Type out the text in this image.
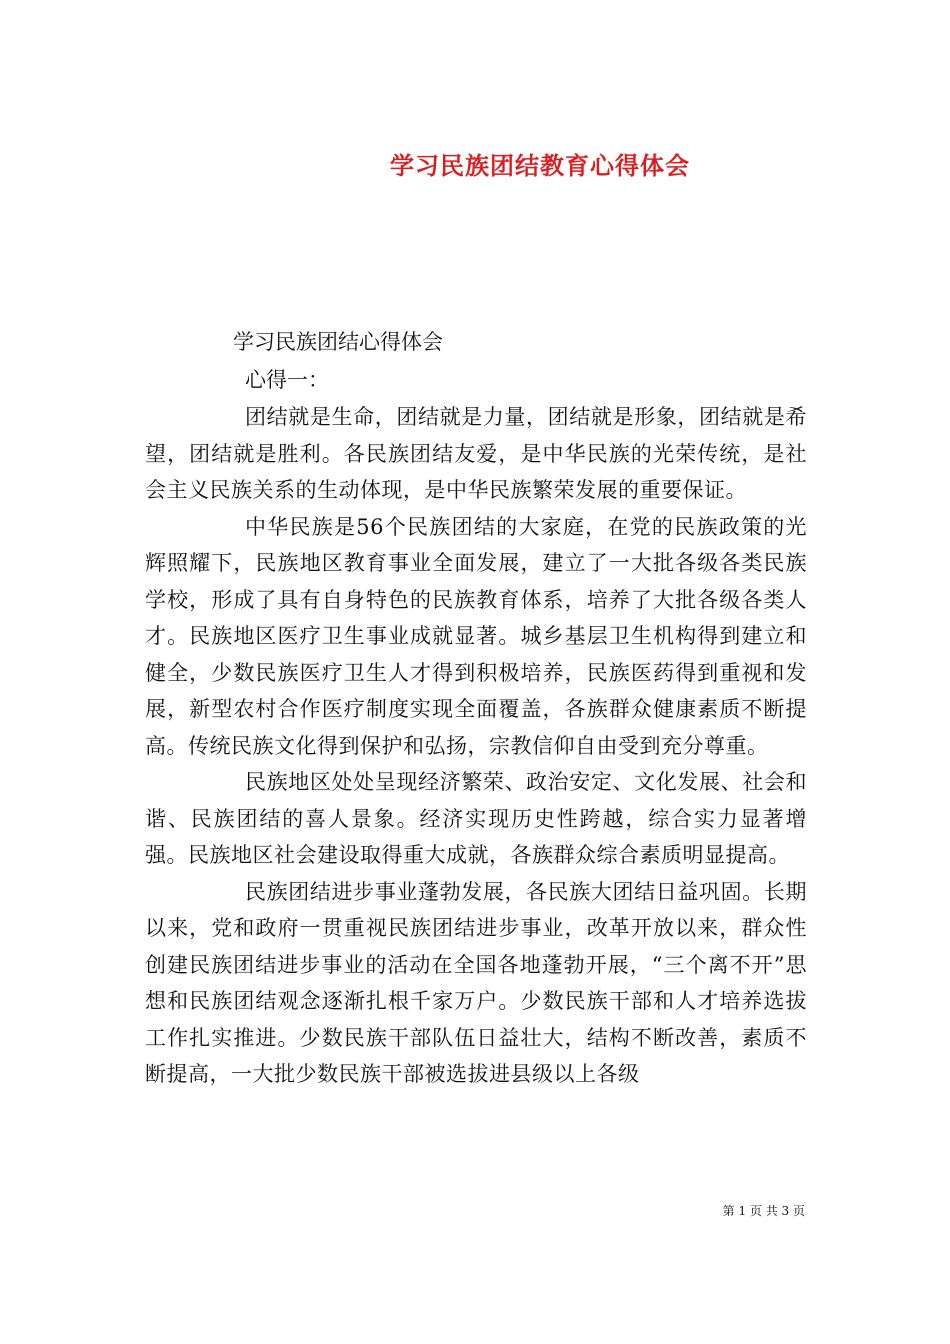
学习民族团结教育心得体会
学习民族团结心得体会
心得一：

团结就是生命，团结就是力量，团结就是形象，团结就是希望，团结就是胜利。各民族团结友爱，是中华民族的光荣传统，是社会主义民族关系的生动体现，是中华民族繁荣发展的重要保证。

中华民族是56个民族团结的大家庭，在党的民族政策的光辉照耀下，民族地区教育事业全面发展，建立了一大批各级各类民族学校，形成了具有自身特色的民族教育体系，培养了大批各级各类人才。民族地区医疗卫生事业成就显著。城乡基层卫生机构得到建立和健全，少数民族医疗卫生人才得到积极培养，民族医药得到重视和发展，新型农村合作医疗制度实现全面覆盖，各族群众健康素质不断提高。传统民族文化得到保护和弘扬，宗教信仰自由受到充分尊重。

民族地区处处呈现经济繁荣、政治安定、文化发展、社会和谐、民族团结的喜人景象。经济实现历史性跨越，综合实力显著增强。民族地区社会建设取得重大成就，各族群众综合素质明显提高。

民族团结进步事业蓬勃发展，各民族大团结日益巩固。长期以来，党和政府一贯重视民族团结进步事业，改革开放以来，群众性创建民族团结进步事业的活动在全国各地蓬勃开展，“三个离不开”思想和民族团结观念逐渐扎根千家万户。少数民族干部和人才培养选拔工作扎实推进。少数民族干部队伍日益壮大，结构不断改善，素质不断提高，一大批少数民族干部被选拔进县级以上各级

第 1 页 共 3 页
